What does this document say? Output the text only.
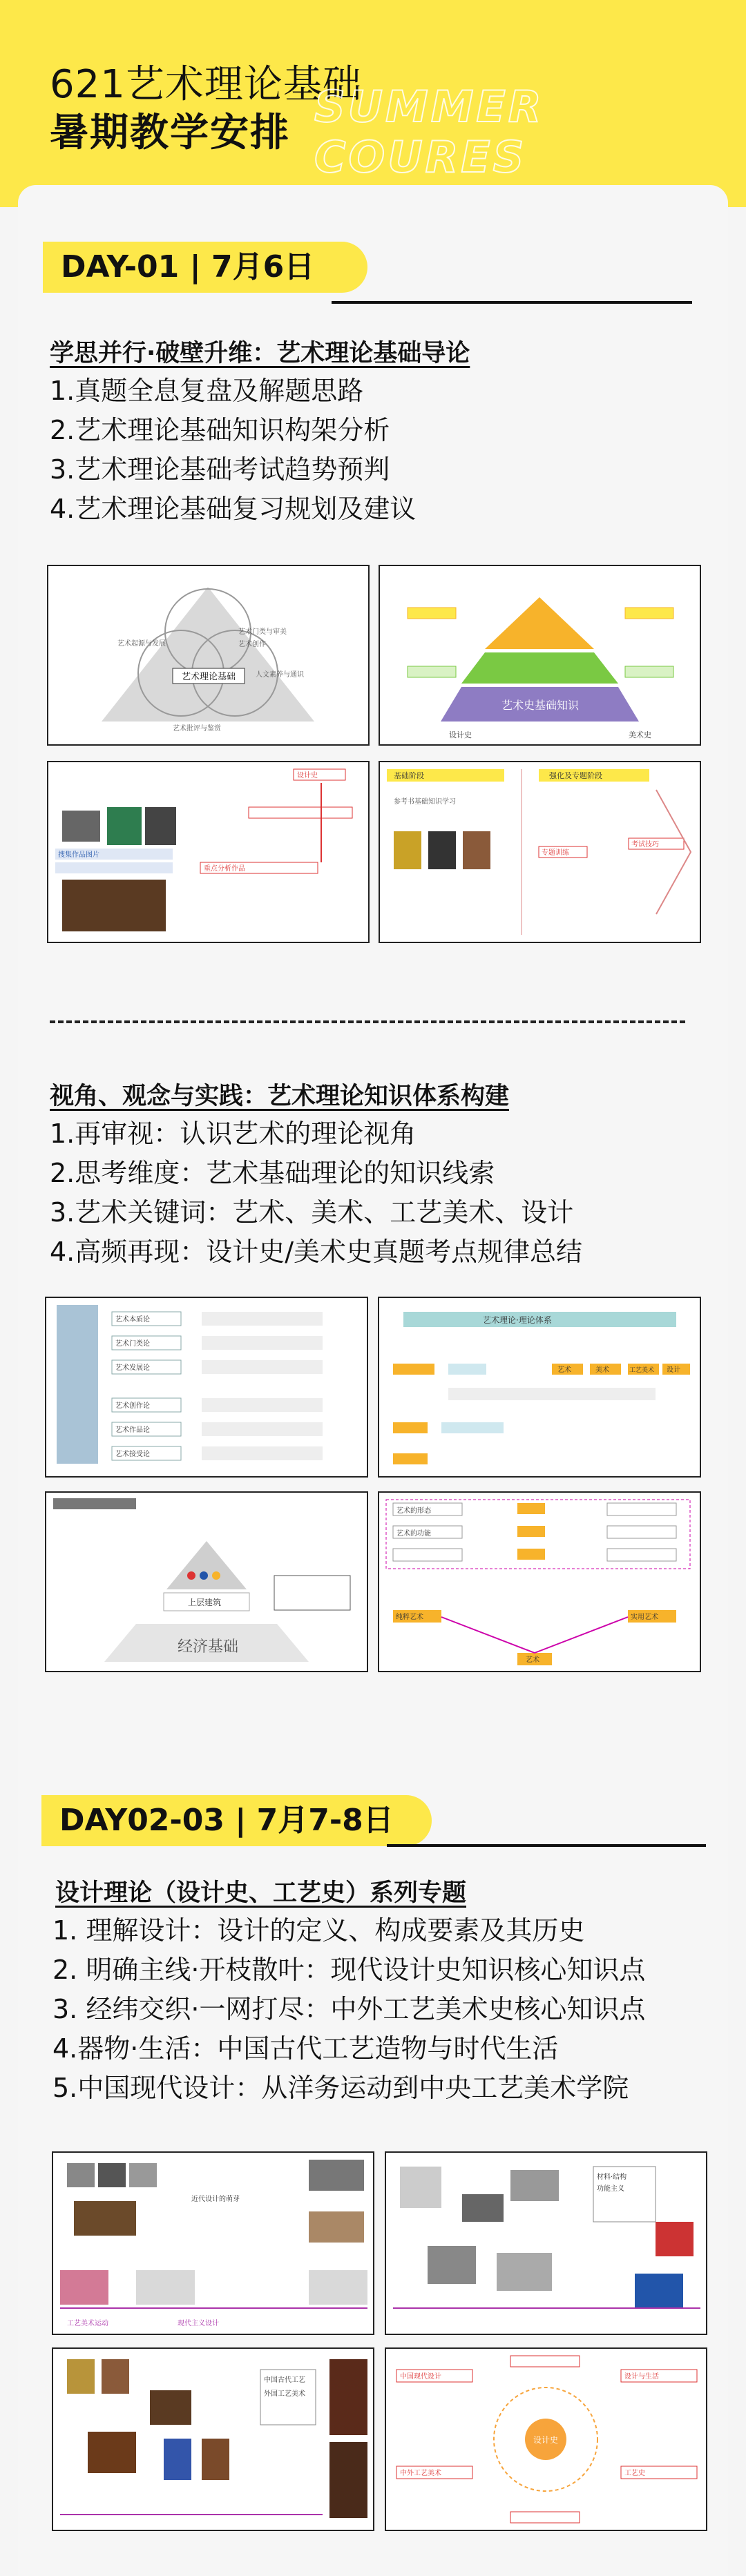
621艺术理论基础
暑期教学安排
SUMMER COURES
DAY-01 | 7月6日
学思并行·破壁升维：艺术理论基础导论
1.真题全息复盘及解题思路
2.艺术理论基础知识构架分析
3.艺术理论基础考试趋势预判
4.艺术理论基础复习规划及建议
艺术理论基础
艺术起源与发展
艺术门类与审美
艺术创作
艺术批评与鉴赏
人文素养与通识
艺术史基础知识
设计史	美术史
搜集作品图片
设计史
重点分析作品
基础阶段	强化及专题阶段
参考书基础知识学习
专题训练
考试技巧
视角、观念与实践：艺术理论知识体系构建
1.再审视：认识艺术的理论视角
2.思考维度：艺术基础理论的知识线索
3.艺术关键词：艺术、美术、工艺美术、设计
4.高频再现：设计史/美术史真题考点规律总结
艺术本质论
艺术门类论
艺术发展论
艺术创作论
艺术作品论
艺术接受论
艺术理论·理论体系
艺术	美术	工艺美术 设计
上层建筑
经济基础
艺术的形态
艺术的功能
纯粹艺术	实用艺术
艺术
DAY02-03 | 7月7-8日
设计理论（设计史、工艺史）系列专题
1. 理解设计：设计的定义、构成要素及其历史
2. 明确主线·开枝散叶：现代设计史知识核心知识点
3. 经纬交织·一网打尽：中外工艺美术史核心知识点
4.器物·生活：中国古代工艺造物与时代生活
5.中国现代设计：从洋务运动到中央工艺美术学院
近代设计的萌芽
工艺美术运动	现代主义设计
材料·结构
功能主义
中国古代工艺
外国工艺美术
设计史
中国现代设计	设计与生活
中外工艺美术	工艺史
